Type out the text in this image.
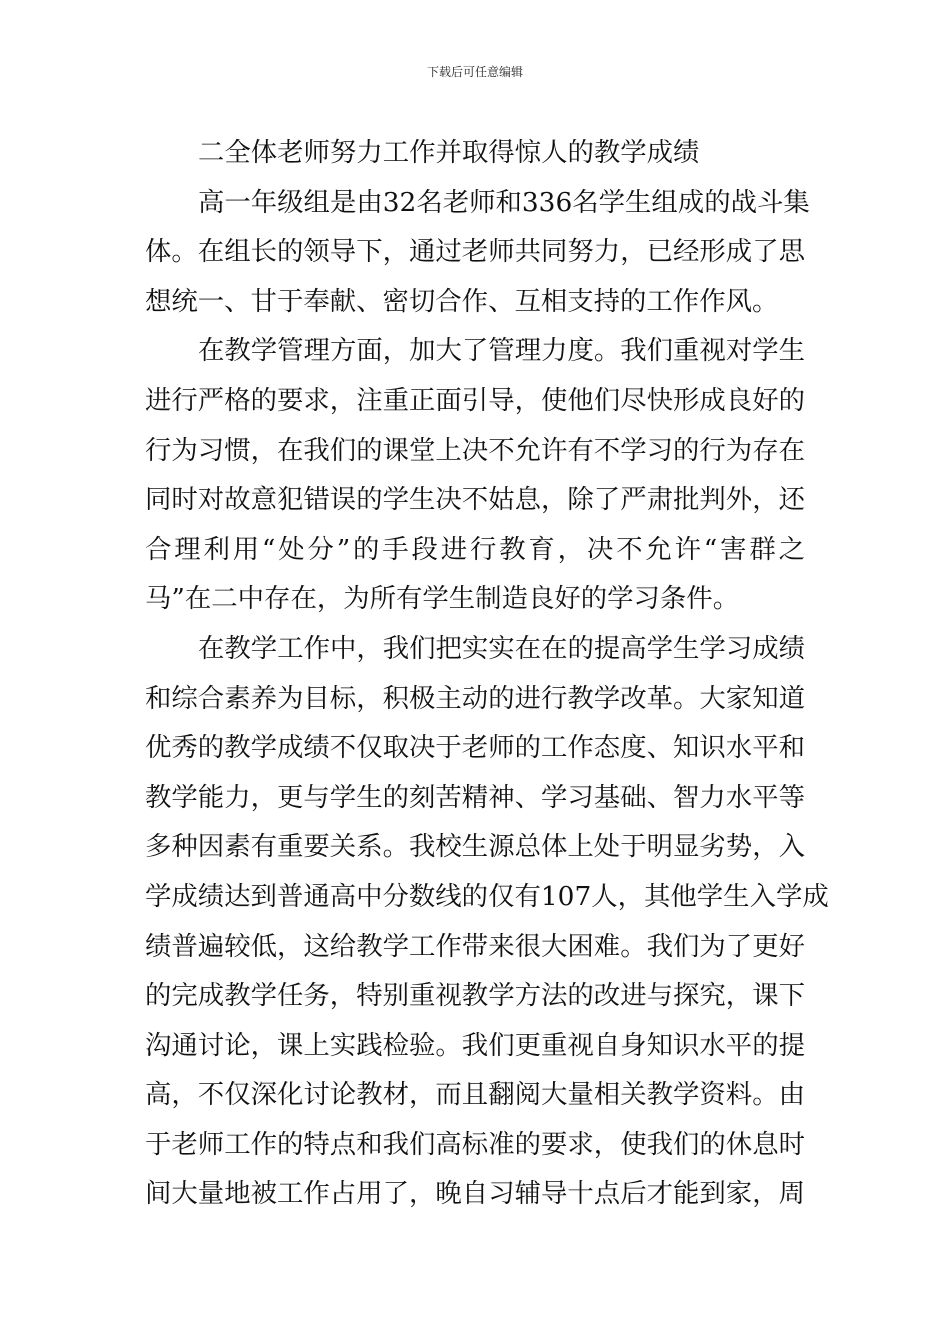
下载后可任意编辑
二全体老师努力工作并取得惊人的教学成绩
高一年级组是由32名老师和336名学生组成的战斗集
体。在组长的领导下，通过老师共同努力，已经形成了思
想统一、甘于奉献、密切合作、互相支持的工作作风。
在教学管理方面，加大了管理力度。我们重视对学生
进行严格的要求，注重正面引导，使他们尽快形成良好的
行为习惯，在我们的课堂上决不允许有不学习的行为存在
同时对故意犯错误的学生决不姑息，除了严肃批判外，还
合理利用“处分”的手段进行教育，决不允许“害群之
马”在二中存在，为所有学生制造良好的学习条件。
在教学工作中，我们把实实在在的提高学生学习成绩
和综合素养为目标，积极主动的进行教学改革。大家知道
优秀的教学成绩不仅取决于老师的工作态度、知识水平和
教学能力，更与学生的刻苦精神、学习基础、智力水平等
多种因素有重要关系。我校生源总体上处于明显劣势，入
学成绩达到普通高中分数线的仅有107人，其他学生入学成
绩普遍较低，这给教学工作带来很大困难。我们为了更好
的完成教学任务，特别重视教学方法的改进与探究，课下
沟通讨论，课上实践检验。我们更重视自身知识水平的提
高，不仅深化讨论教材，而且翻阅大量相关教学资料。由
于老师工作的特点和我们高标准的要求，使我们的休息时
间大量地被工作占用了，晚自习辅导十点后才能到家，周
